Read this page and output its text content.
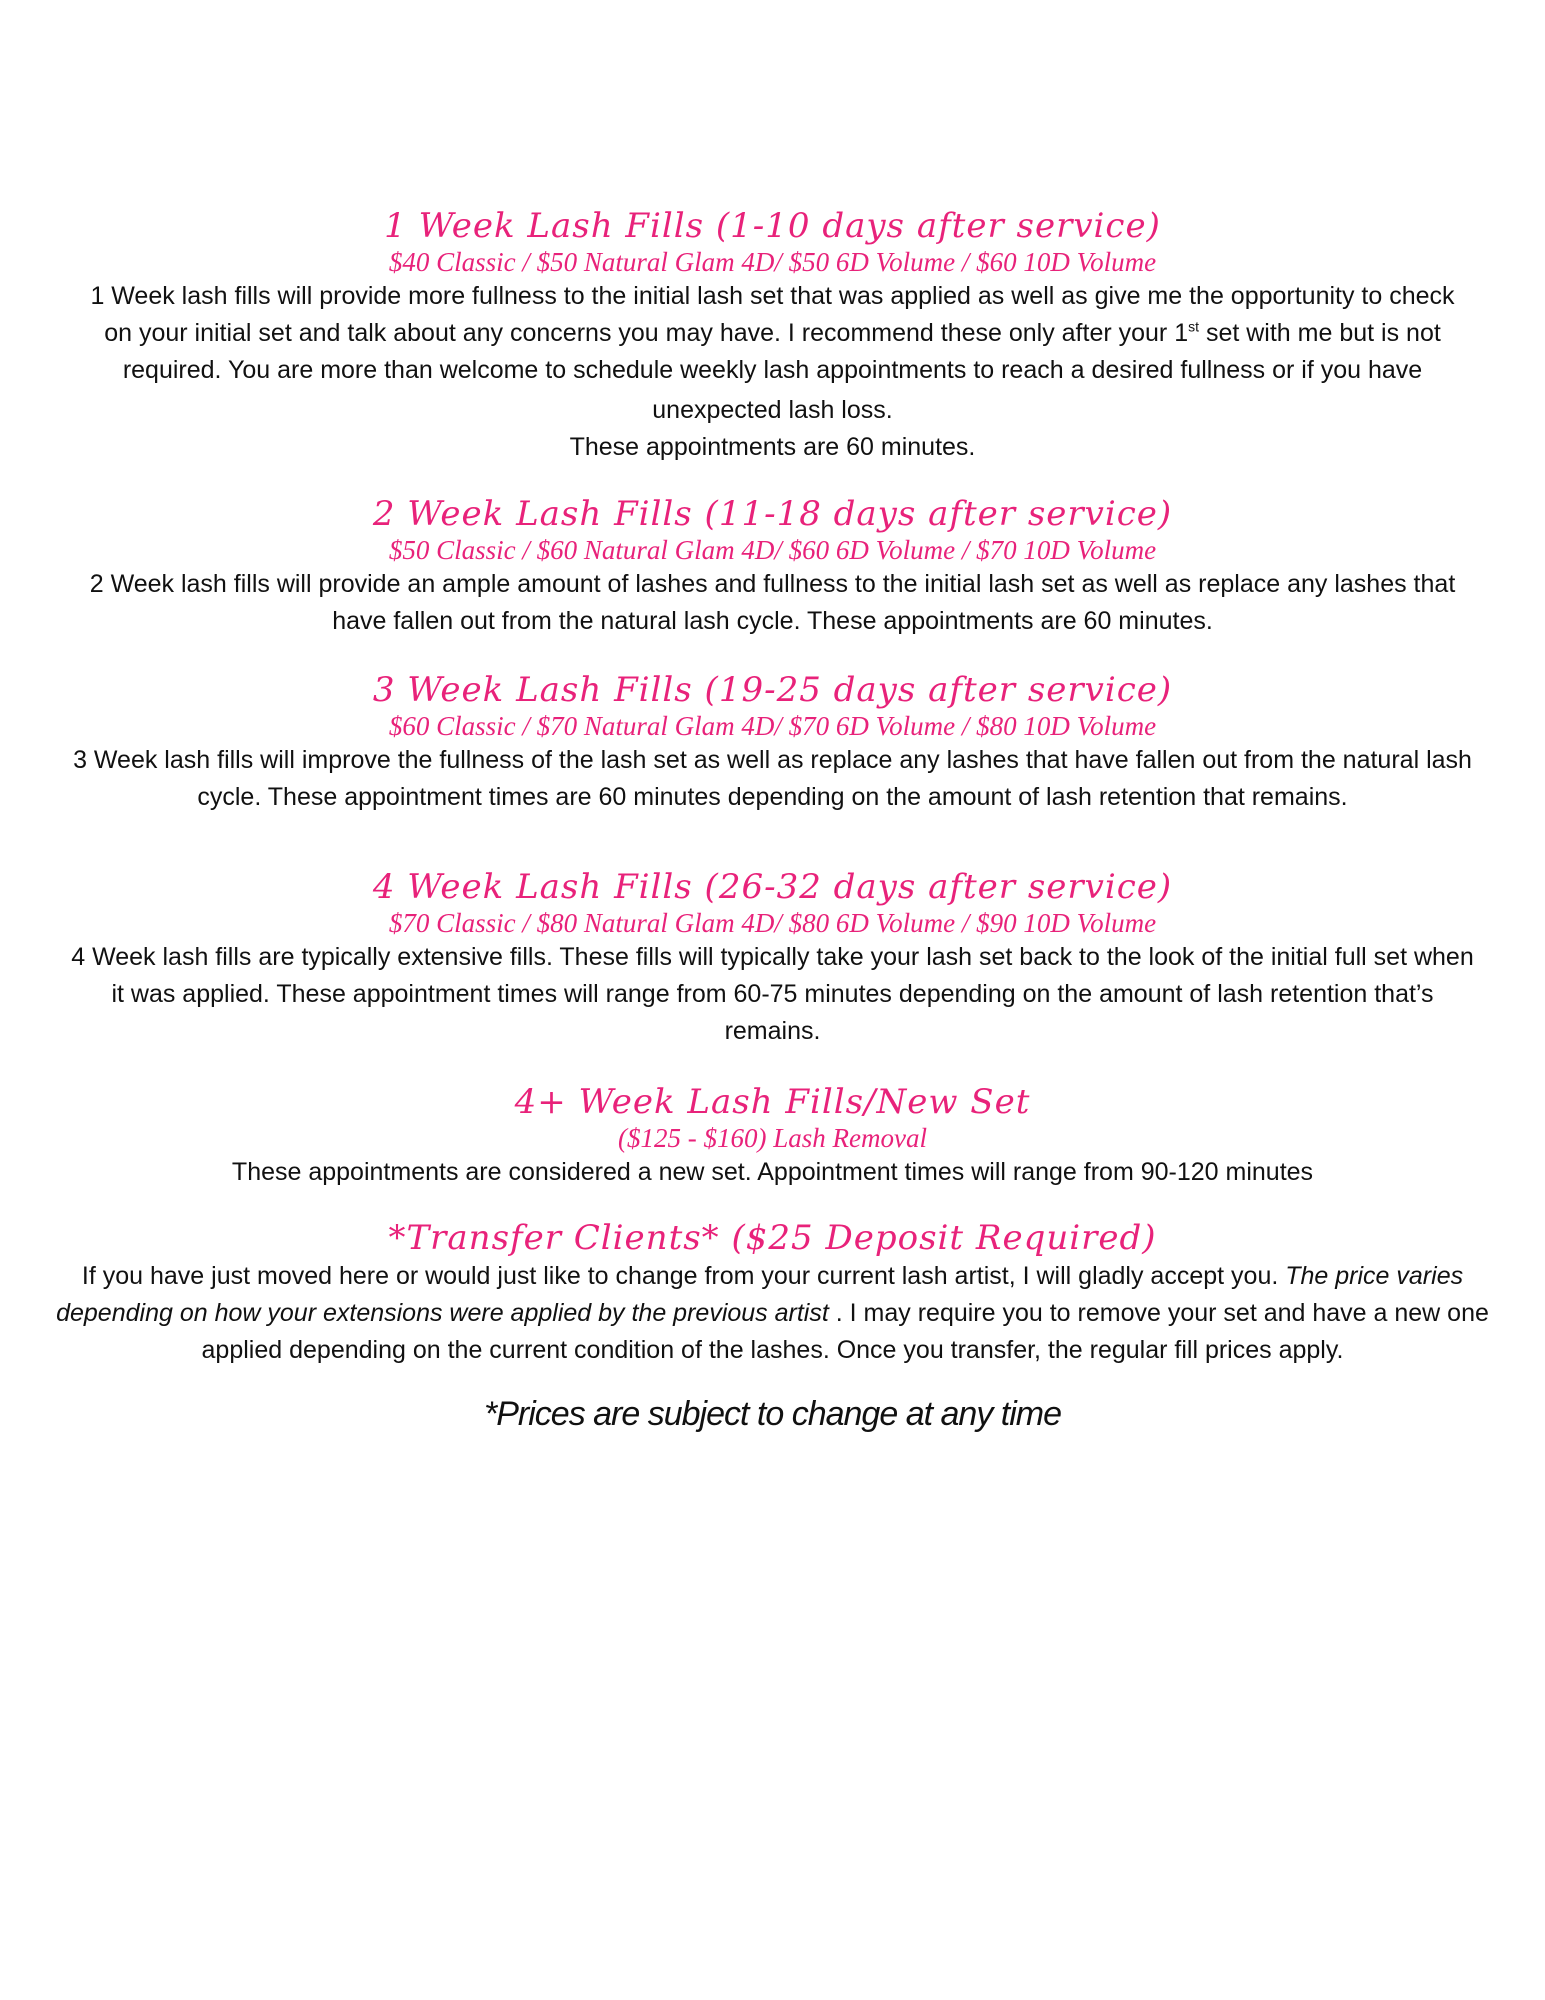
1 Week Lash Fills (1-10 days after service)
$40 Classic / $50 Natural Glam 4D/ $50 6D Volume / $60 10D Volume
1 Week lash fills will provide more fullness to the initial lash set that was applied as well as give me the opportunity to check
on your initial set and talk about any concerns you may have. I recommend these only after your 1st set with me but is not
required. You are more than welcome to schedule weekly lash appointments to reach a desired fullness or if you have
unexpected lash loss.
These appointments are 60 minutes.
2 Week Lash Fills (11-18 days after service)
$50 Classic / $60 Natural Glam 4D/ $60 6D Volume / $70 10D Volume
2 Week lash fills will provide an ample amount of lashes and fullness to the initial lash set as well as replace any lashes that
have fallen out from the natural lash cycle. These appointments are 60 minutes.
3 Week Lash Fills (19-25 days after service)
$60 Classic / $70 Natural Glam 4D/ $70 6D Volume / $80 10D Volume
3 Week lash fills will improve the fullness of the lash set as well as replace any lashes that have fallen out from the natural lash
cycle. These appointment times are 60 minutes depending on the amount of lash retention that remains.
4 Week Lash Fills (26-32 days after service)
$70 Classic / $80 Natural Glam 4D/ $80 6D Volume / $90 10D Volume
4 Week lash fills are typically extensive fills. These fills will typically take your lash set back to the look of the initial full set when
it was applied. These appointment times will range from 60-75 minutes depending on the amount of lash retention that’s
remains.
4+ Week Lash Fills/New Set
($125 - $160) Lash Removal
These appointments are considered a new set. Appointment times will range from 90-120 minutes
*Transfer Clients* ($25 Deposit Required)
If you have just moved here or would just like to change from your current lash artist, I will gladly accept you. The price varies
depending on how your extensions were applied by the previous artist . I may require you to remove your set and have a new one
applied depending on the current condition of the lashes. Once you transfer, the regular fill prices apply.
*Prices are subject to change at any time
